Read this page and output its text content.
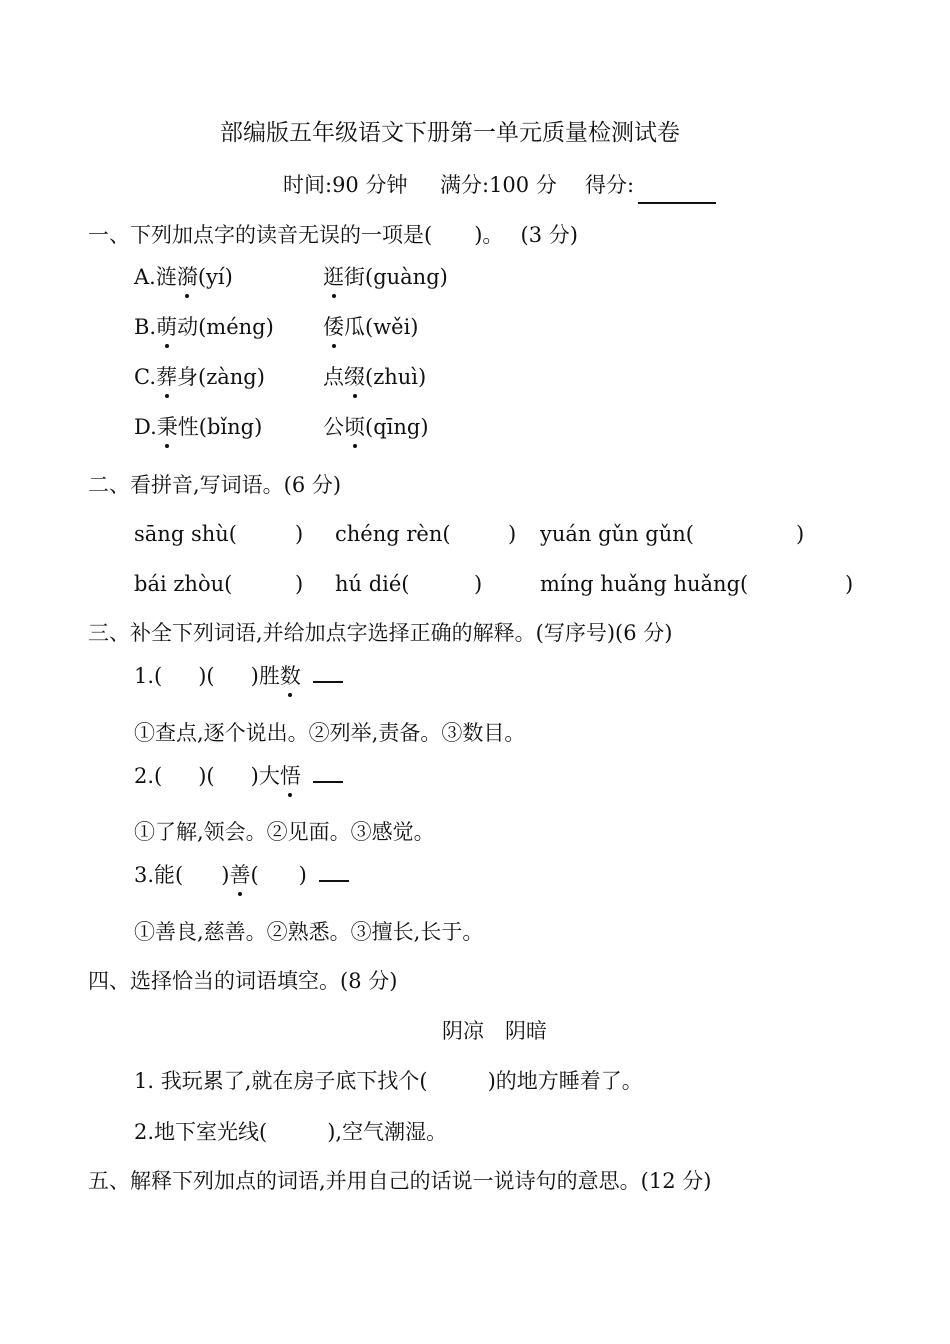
部编版五年级语文下册第一单元质量检测试卷
时间:90 分钟 满分:100 分 得分:
一、下列加点字的读音无误的一项是(　　)。　 (3 分)
A.涟漪(yí)	逛街(guàng)
B.萌动(méng) 倭瓜(wěi)
C.葬身(zàng)	点缀(zhuì)
D.秉性(bǐng)	公顷(qīng)
二、看拼音,写词语。(6 分)
sāng shù(	) chéng rèn(	) yuán gǔn gǔn(	)
bái zhòu(	) hú dié(	)	míng huǎng huǎng(	)
三、补全下列词语,并给加点字选择正确的解释。(写序号)(6 分)
1.( )( )胜数
①查点,逐个说出。②列举,责备。③数目。
2.( )( )大悟
①了解,领会。②见面。③感觉。
3.能( )善( )
①善良,慈善。②熟悉。③擅长,长于。
四、选择恰当的词语填空。(8 分)
阴凉　阴暗
1. 我玩累了,就在房子底下找个(	)的地方睡着了。
2.地下室光线(	),空气潮湿。
五、解释下列加点的词语,并用自己的话说一说诗句的意思。(12 分)
